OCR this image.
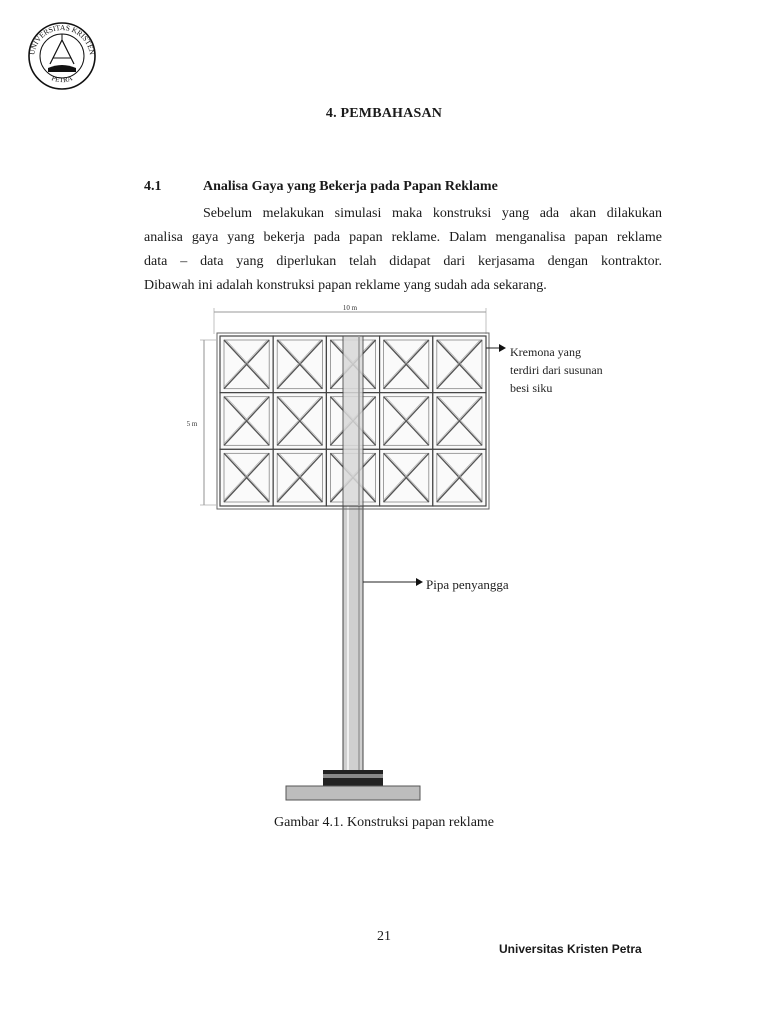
UNIVERSITAS KRISTEN
PETRA
4. PEMBAHASAN
4.1	Analisa Gaya yang Bekerja pada Papan Reklame
Sebelum melakukan simulasi maka konstruksi yang ada akan dilakukan
analisa gaya yang bekerja pada papan reklame. Dalam menganalisa papan reklame
data – data yang diperlukan telah didapat dari kerjasama dengan kontraktor.
Dibawah ini adalah konstruksi papan reklame yang sudah ada sekarang.
10 m
5 m
Kremona yang
terdiri dari susunan
besi siku
Pipa penyangga
Gambar 4.1. Konstruksi papan reklame
21
Universitas Kristen Petra
